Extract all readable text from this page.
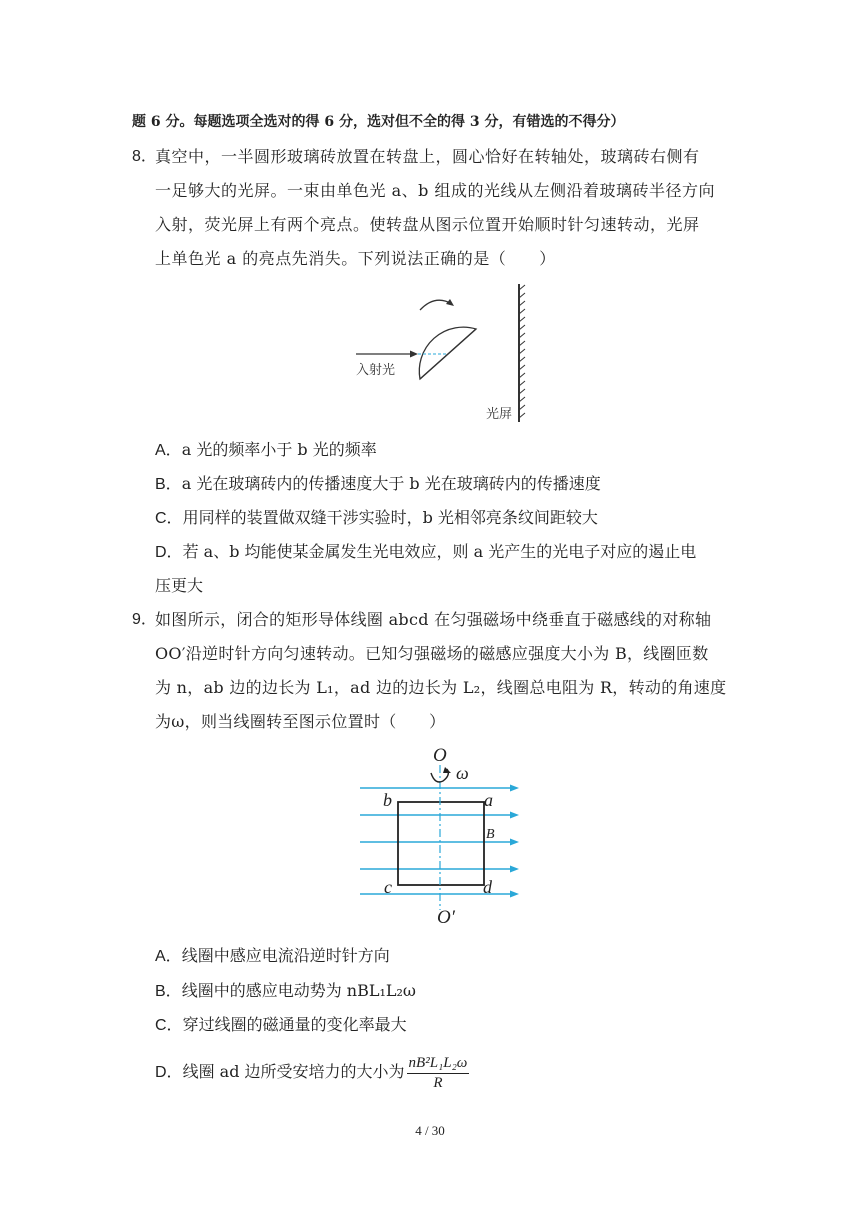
题 6 分。每题选项全选对的得 6 分，选对但不全的得 3 分，有错选的不得分）
8．
真空中，一半圆形玻璃砖放置在转盘上，圆心恰好在转轴处，玻璃砖右侧有
一足够大的光屏。一束由单色光 a、b 组成的光线从左侧沿着玻璃砖半径方向
入射，荧光屏上有两个亮点。使转盘从图示位置开始顺时针匀速转动，光屏
上单色光 a 的亮点先消失。下列说法正确的是（　　）
入射光
光屏
A．a 光的频率小于 b 光的频率
B．a 光在玻璃砖内的传播速度大于 b 光在玻璃砖内的传播速度
C．用同样的装置做双缝干涉实验时，b 光相邻亮条纹间距较大
D．若 a、b 均能使某金属发生光电效应，则 a 光产生的光电子对应的遏止电
压更大
9．
如图所示，闭合的矩形导体线圈 abcd 在匀强磁场中绕垂直于磁感线的对称轴
OO′沿逆时针方向匀速转动。已知匀强磁场的磁感应强度大小为 B，线圈匝数
为 n，ab 边的边长为 L₁，ad 边的边长为 L₂，线圈总电阻为 R，转动的角速度
为ω，则当线圈转至图示位置时（　　）
O
O′
ω
B
b	a
c	d
A．线圈中感应电流沿逆时针方向
B．线圈中的感应电动势为 nBL₁L₂ω
C．穿过线圈的磁通量的变化率最大
D．线圈 ad 边所受安培力的大小为 $\frac{\text{nB²L₁L₂ω}}{R}$
4 / 30
